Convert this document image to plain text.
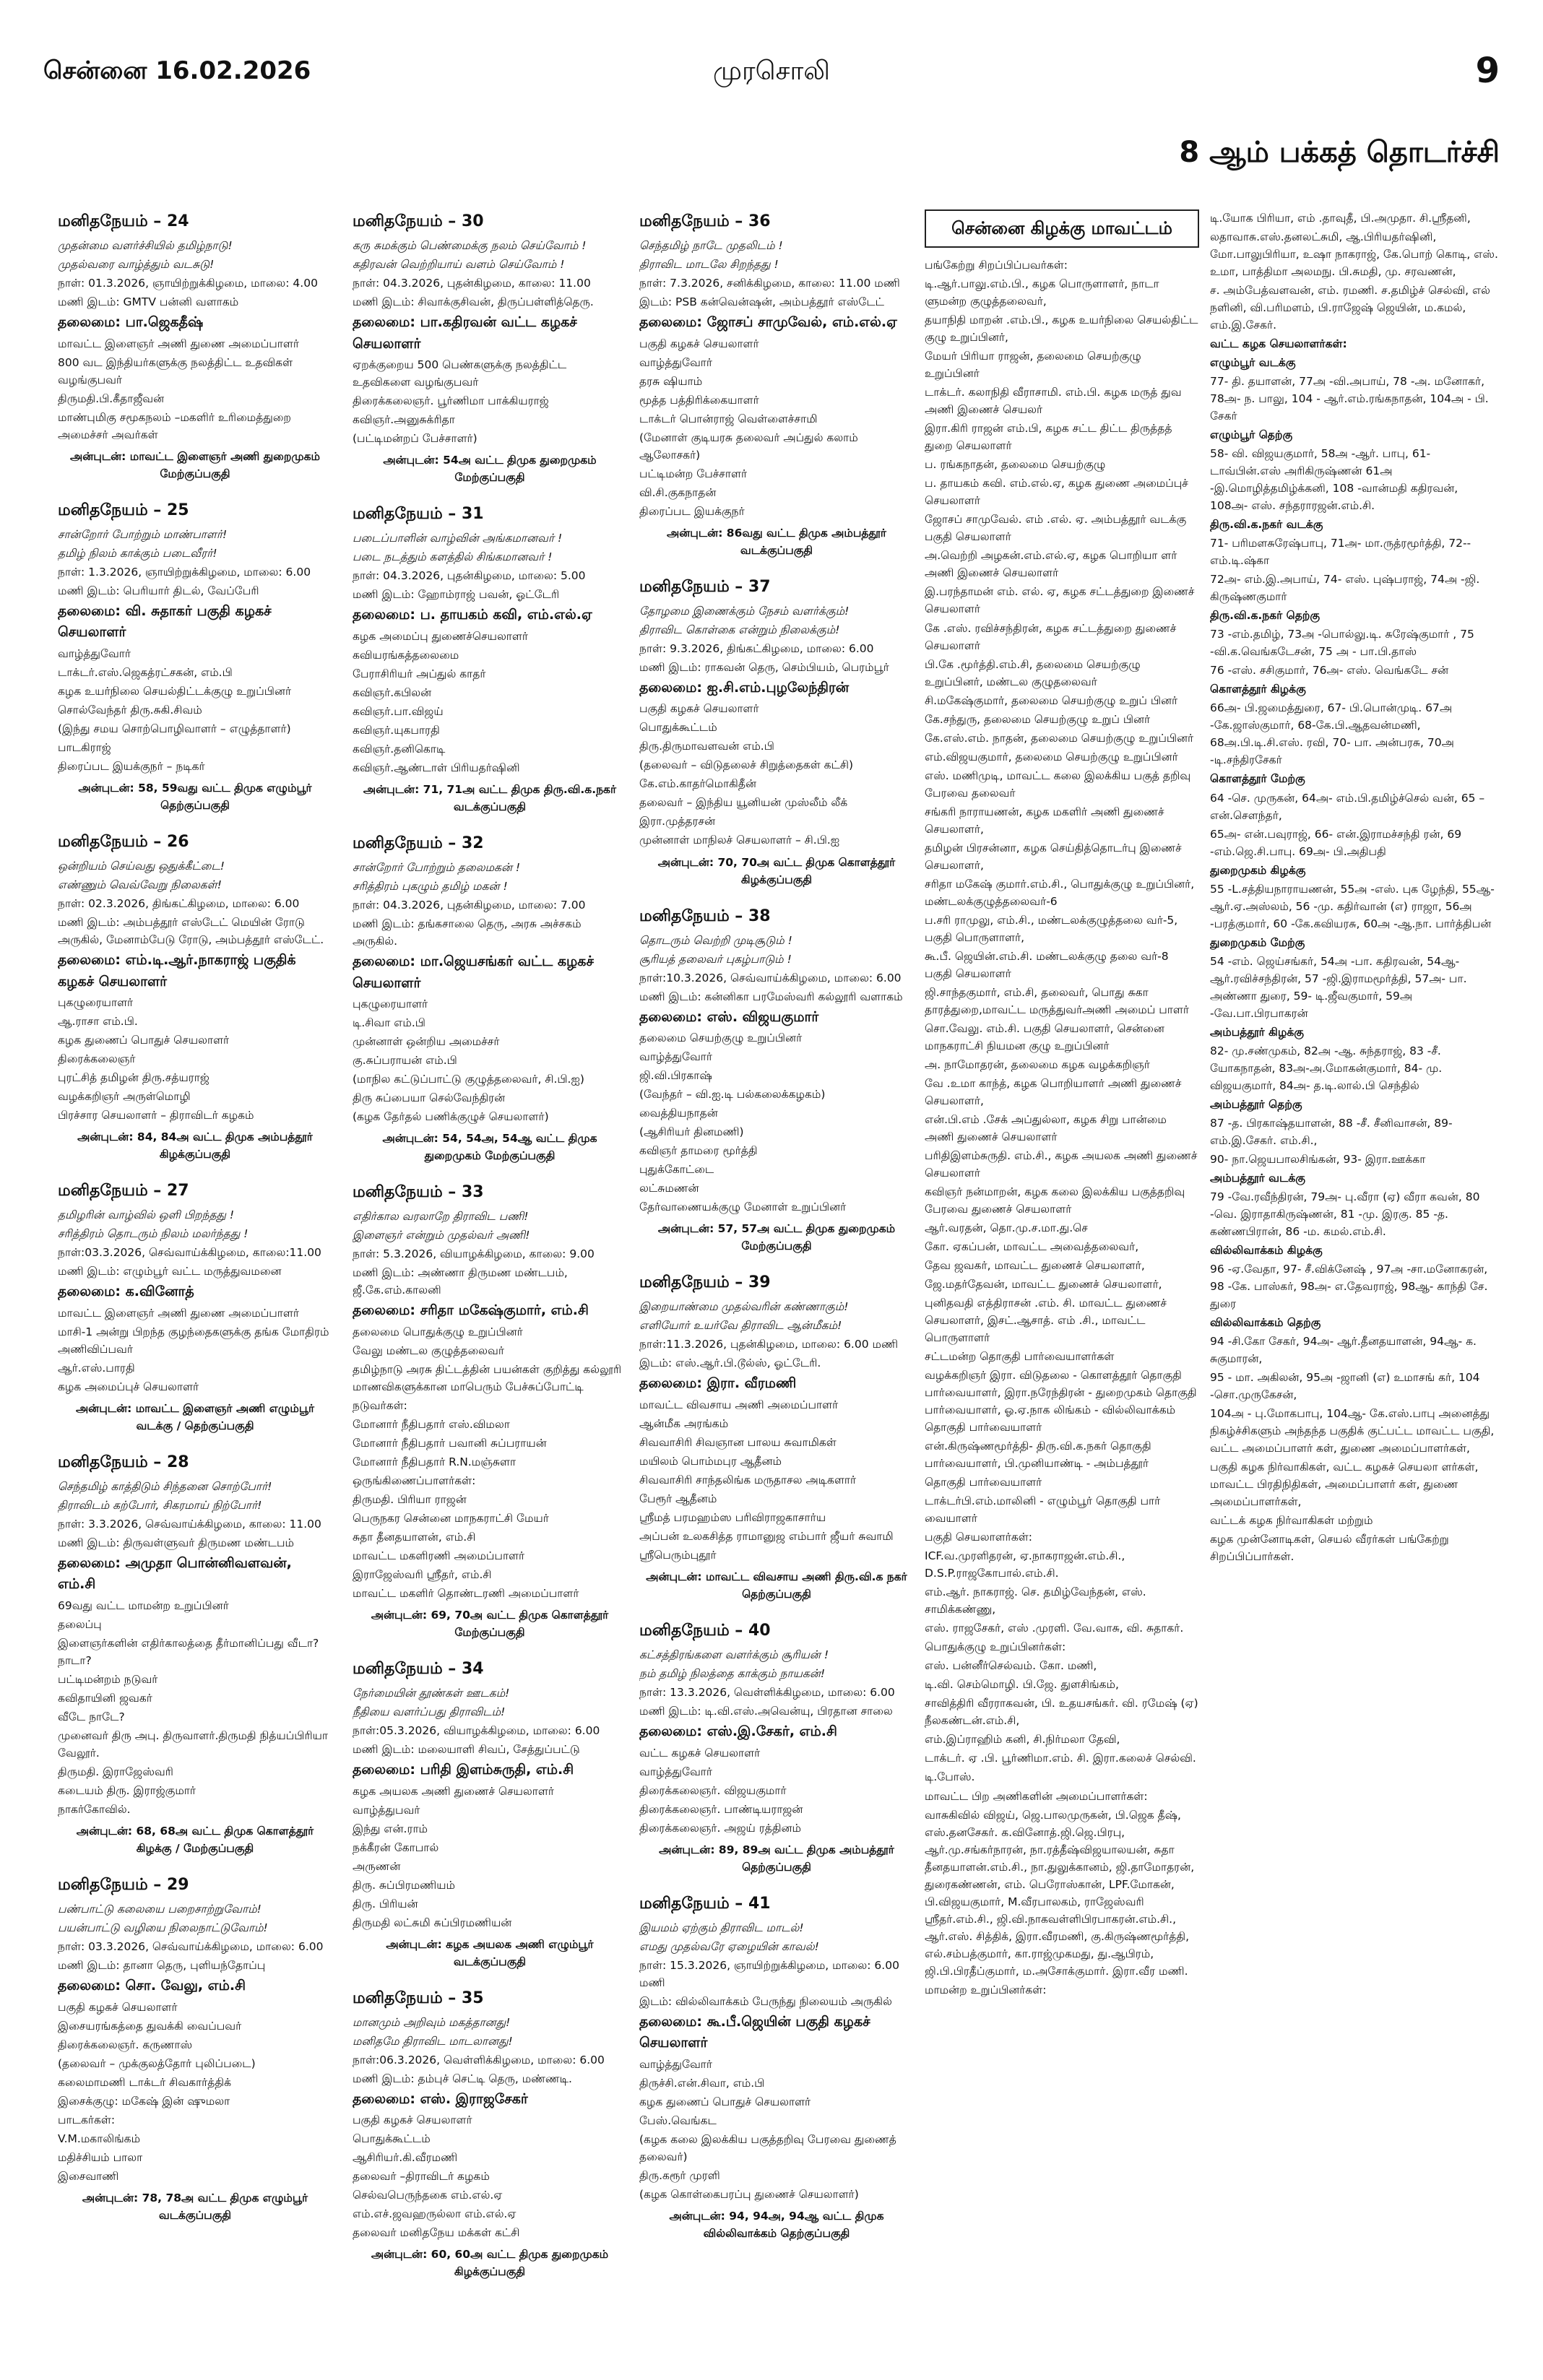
சென்னை 16.02.2026	முரசொலி	9
8 ஆம் பக்கத் தொடர்ச்சி
மனிதநேயம் – 24
முதன்மை வளர்ச்சியில் தமிழ்நாடு!
முதல்வரை வாழ்த்தும் வடசுடு!
நாள்: 01.3.2026, ஞாயிற்றுக்கிழமை, மாலை: 4.00
மணி இடம்: GMTV பன்னி வளாகம்
தலைமை: பா.ஜெகதீஷ்
மாவட்ட இளைஞர் அணி துணை அமைப்பாளர்
800 வட இந்தியர்களுக்கு நலத்திட்ட உதவிகள் வழங்குபவர்
திருமதி.பி.கீதாஜீவன்
மாண்புமிகு சமூகநலம் –மகளிர் உரிமைத்துறை அமைச்சர் அவர்கள்
அன்புடன்: மாவட்ட இளைஞர் அணி துறைமுகம் மேற்குப்பகுதி
மனிதநேயம் – 25
சான்றோர் போற்றும் மாண்பாளர்!
தமிழ் நிலம் காக்கும் படைவீரர்!
நாள்: 1.3.2026, ஞாயிற்றுக்கிழமை, மாலை: 6.00
மணி இடம்: பெரியார் திடல், வேப்பேரி
தலைமை: வி. சுதாகர் பகுதி கழகச் செயலாளர்
வாழ்த்துவோர்
டாக்டர்.எஸ்.ஜெகத்ரட்சகன், எம்.பி
கழக உயர்நிலை செயல்திட்டக்குழு உறுப்பினர்
சொல்வேந்தர் திரு.சுகி.சிவம்
(இந்து சமய சொற்பொழிவாளர் – எழுத்தாளர்)
பாடகிராஜ்
திரைப்பட இயக்குநர் – நடிகர்
அன்புடன்: 58, 59வது வட்ட திமுக எழும்பூர் தெற்குப்பகுதி
மனிதநேயம் – 26
ஒன்றியம் செய்வது ஒதுக்கீட்டை!
எண்ணும் வெவ்வேறு நிலைகள்!
நாள்: 02.3.2026, திங்கட்கிழமை, மாலை: 6.00
மணி இடம்: அம்பத்தூர் எஸ்டேட் மெயின் ரோடு அருகில், மேனாம்பேடு ரோடு, அம்பத்தூர் எஸ்டேட்.
தலைமை: எம்.டி.ஆர்.நாகராஜ் பகுதிக் கழகச் செயலாளர்
புகழுரையாளர்
ஆ.ராசா எம்.பி.
கழக துணைப் பொதுச் செயலாளர்
திரைக்கலைஞர்
புரட்சித் தமிழன் திரு.சத்யராஜ்
வழக்கறிஞர் அருள்மொழி
பிரச்சார செயலாளர் – திராவிடர் கழகம்
அன்புடன்: 84, 84அ வட்ட திமுக அம்பத்தூர் கிழக்குப்பகுதி
மனிதநேயம் – 27
தமிழரின் வாழ்வில் ஒளி பிறந்தது !
சரித்திரம் தொடரும் நிலம் மலர்ந்தது !
நாள்:03.3.2026, செவ்வாய்க்கிழமை, காலை:11.00
மணி இடம்: எழும்பூர் வட்ட மருத்துவமனை
தலைமை: க.வினோத்
மாவட்ட இளைஞர் அணி துணை அமைப்பாளர்
மாசி-1 அன்று பிறந்த குழந்தைகளுக்கு தங்க மோதிரம் அணிவிப்பவர்
ஆர்.எஸ்.பாரதி
கழக அமைப்புச் செயலாளர்
அன்புடன்: மாவட்ட இளைஞர் அணி எழும்பூர் வடக்கு / தெற்குப்பகுதி
மனிதநேயம் – 28
செந்தமிழ் காத்திடும் சிந்தனை சொற்போர்!
திராவிடம் கற்போர், சிகரமாய் நிற்போர்!
நாள்: 3.3.2026, செவ்வாய்க்கிழமை, காலை: 11.00
மணி இடம்: திருவள்ளுவர் திருமண மண்டபம்
தலைமை: அமுதா பொன்னிவளவன், எம்.சி
69வது வட்ட மாமன்ற உறுப்பினர்
தலைப்பு
இளைஞர்களின் எதிர்காலத்தை தீர்மானிப்பது வீடா? நாடா?
பட்டிமன்றம் நடுவர்
கவிதாயினி ஜவகர்
வீடே நாடே?
முனைவர் திரு அபு. திருவாளர்.திருமதி நித்யப்பிரியா வேலூர்.
திருமதி. இராஜேஸ்வரி
கடையம் திரு. இராஜ்குமார்
நாகர்கோவில்.
அன்புடன்: 68, 68அ வட்ட திமுக கொளத்தூர் கிழக்கு / மேற்குப்பகுதி
மனிதநேயம் – 29
பண்பாட்டு கலையை பறைசாற்றுவோம்!
பயன்பாட்டு வழியை நிலைநாட்டுவோம்!
நாள்: 03.3.2026, செவ்வாய்க்கிழமை, மாலை: 6.00
மணி இடம்: தானா தெரு, புளியந்தோப்பு
தலைமை: சொ. வேலு, எம்.சி
பகுதி கழகச் செயலாளர்
இசையரங்கத்தை துவக்கி வைப்பவர்
திரைக்கலைஞர். கருணாஸ்
(தலைவர் – முக்குலத்தோர் புலிப்படை)
கலைமாமணி டாக்டர் சிவகார்த்திக்
இசைக்குழு: மகேஷ் இன் ஷுமலா
பாடகர்கள்:
V.M.மகாலிங்கம்
மதிச்சியம் பாலா
இசைவாணி
அன்புடன்: 78, 78அ வட்ட திமுக எழும்பூர் வடக்குப்பகுதி
மனிதநேயம் – 30
கரு சுமக்கும் பெண்மைக்கு நலம் செய்வோம் !
கதிரவன் வெற்றியாய் வளம் செய்வோம் !
நாள்: 04.3.2026, புதன்கிழமை, காலை: 11.00
மணி இடம்: சிவாக்குசிவன், திருப்பள்ளித்தெரு.
தலைமை: பா.கதிரவன் வட்ட கழகச் செயலாளர்
ஏறக்குறைய 500 பெண்களுக்கு நலத்திட்ட உதவிகளை வழங்குபவர்
திரைக்கலைஞர். பூர்ணிமா பாக்கியராஜ்
கவிஞர்.அனுசுக்ரிதா
(பட்டிமன்றப் பேச்சாளர்)
அன்புடன்: 54அ வட்ட திமுக துறைமுகம் மேற்குப்பகுதி
மனிதநேயம் – 31
படைப்பாளின் வாழ்வின் அங்கமானவர் !
படை நடத்தும் களத்தில் சிங்கமானவர் !
நாள்: 04.3.2026, புதன்கிழமை, மாலை: 5.00
மணி இடம்: ஹோம்ராஜ் பவன், ஓட்டேரி
தலைமை: ப. தாயகம் கவி, எம்.எல்.ஏ
கழக அமைப்பு துணைச்செயலாளர்
கவியரங்கத்தலைமை
பேராசிரியர் அப்துல் காதர்
கவிஞர்.கபிலன்
கவிஞர்.பா.விஜய்
கவிஞர்.யுகபாரதி
கவிஞர்.தனிகொடி
கவிஞர்.ஆண்டாள் பிரியதர்ஷினி
அன்புடன்: 71, 71அ வட்ட திமுக திரு.வி.க.நகர் வடக்குப்பகுதி
மனிதநேயம் – 32
சான்றோர் போற்றும் தலைமகன் !
சரித்திரம் புகழும் தமிழ் மகன் !
நாள்: 04.3.2026, புதன்கிழமை, மாலை: 7.00
மணி இடம்: தங்கசாலை தெரு, அரசு அச்சகம் அருகில்.
தலைமை: மா.ஜெயசங்கர் வட்ட கழகச் செயலாளர்
புகழுரையாளர்
டி.சிவா எம்.பி
முன்னாள் ஒன்றிய அமைச்சர்
கு.சுப்பராயன் எம்.பி
(மாநில கட்டுப்பாட்டு குழுத்தலைவர், சி.பி.ஐ)
திரு சுப்பையா செல்வேந்திரன்
(கழக தேர்தல் பணிக்குழுச் செயலாளர்)
அன்புடன்: 54, 54அ, 54ஆ வட்ட திமுக துறைமுகம் மேற்குப்பகுதி
மனிதநேயம் – 33
எதிர்கால வரலாறே திராவிட பணி!
இளைஞர் என்றும் முதல்வர் அணி!
நாள்: 5.3.2026, வியாழக்கிழமை, காலை: 9.00
மணி இடம்: அண்ணா திருமண மண்டபம், ஜீ.கே.எம்.காலனி
தலைமை: சரிதா மகேஷ்குமார், எம்.சி
தலைமை பொதுக்குழு உறுப்பினர்
வேலு மண்டல குழுத்தலைவர்
தமிழ்நாடு அரசு திட்டத்தின் பயன்கள் குறித்து கல்லூரி மாணவிகளுக்கான மாபெரும் பேச்சுப்போட்டி
நடுவர்கள்:
மோனார் நீதிபதார் எஸ்.விமலா
மோனார் நீதிபதார் பவானி சுப்பராயன்
மோனார் நீதிபதார் R.N.மஞ்சுளா
ஒருங்கிணைப்பாளர்கள்:
திருமதி. பிரியா ராஜன்
பெருநகர சென்னை மாநகராட்சி மேயர்
சுதா தீனதயாளன், எம்.சி
மாவட்ட மகளிரணி அமைப்பாளர்
இராஜேஸ்வரி ஸ்ரீதர், எம்.சி
மாவட்ட மகளிர் தொண்டரணி அமைப்பாளர்
அன்புடன்: 69, 70அ வட்ட திமுக கொளத்தூர் மேற்குப்பகுதி
மனிதநேயம் – 34
நேர்மையின் தூண்கள் ஊடகம்!
நீதியை வளர்ப்பது திராவிடம்!
நாள்:05.3.2026, வியாழக்கிழமை, மாலை: 6.00
மணி இடம்: மலையாளி சிவப், சேத்துப்பட்டு
தலைமை: பரிதி இளம்சுருதி, எம்.சி
கழக அயலக அணி துணைச் செயலாளர்
வாழ்த்துபவர்
இந்து என்.ராம்
நக்கீரன் கோபால்
அருணன்
திரு. சுப்பிரமணியம்
திரு. பிரியன்
திருமதி லட்சுமி சுப்பிரமணியன்
அன்புடன்: கழக அயலக அணி எழும்பூர் வடக்குப்பகுதி
மனிதநேயம் – 35
மானமும் அறிவும் மகத்தானது!
மனிதமே திராவிட மாடலானது!
நாள்:06.3.2026, வெள்ளிக்கிழமை, மாலை: 6.00
மணி இடம்: தம்புச் செட்டி தெரு, மண்ணடி.
தலைமை: எஸ். இராஜசேகர்
பகுதி கழகச் செயலாளர்
பொதுக்கூட்டம்
ஆசிரியர்.கி.வீரமணி
தலைவர் –திராவிடர் கழகம்
செல்வபெருந்தகை எம்.எல்.ஏ
எம்.எச்.ஜவஹருல்லா எம்.எல்.ஏ
தலைவர் மனிதநேய மக்கள் கட்சி
அன்புடன்: 60, 60அ வட்ட திமுக துறைமுகம் கிழக்குப்பகுதி
மனிதநேயம் – 36
செந்தமிழ் நாடே முதலிடம் !
திராவிட மாடலே சிறந்தது !
நாள்: 7.3.2026, சனிக்கிழமை, காலை: 11.00 மணி
இடம்: PSB கன்வென்ஷன், அம்பத்தூர் எஸ்டேட்
தலைமை: ஜோசப் சாமுவேல், எம்.எல்.ஏ
பகுதி கழகச் செயலாளர்
வாழ்த்துவோர்
தரசு ஷியாம்
மூத்த பத்திரிக்கையாளர்
டாக்டர் பொன்ராஜ் வெள்ளைச்சாமி
(மேனாள் குடியரசு தலைவர் அப்துல் கலாம் ஆலோசகர்)
பட்டிமன்ற பேச்சாளர்
வி.சி.குகநாதன்
திரைப்பட இயக்குநர்
அன்புடன்: 86வது வட்ட திமுக அம்பத்தூர் வடக்குப்பகுதி
மனிதநேயம் – 37
தோழமை இணைக்கும் நேசம் வளர்க்கும்!
திராவிட கொள்கை என்றும் நிலைக்கும்!
நாள்: 9.3.2026, திங்கட்கிழமை, மாலை: 6.00
மணி இடம்: ராகவன் தெரு, செம்பியம், பெரம்பூர்
தலைமை: ஐ.சி.எம்.புழலேந்திரன்
பகுதி கழகச் செயலாளர்
பொதுக்கூட்டம்
திரு.திருமாவளவன் எம்.பி
(தலைவர் – விடுதலைச் சிறுத்தைகள் கட்சி)
கே.எம்.காதர்மொகிதீன்
தலைவர் – இந்திய யூனியன் முஸ்லீம் லீக்
இரா.முத்தரசன்
முன்னாள் மாநிலச் செயலாளர் – சி.பி.ஐ
அன்புடன்: 70, 70அ வட்ட திமுக கொளத்தூர் கிழக்குப்பகுதி
மனிதநேயம் – 38
தொடரும் வெற்றி முடிசூடும் !
சூரியத் தலைவர் புகழ்பாடும் !
நாள்:10.3.2026, செவ்வாய்க்கிழமை, மாலை: 6.00
மணி இடம்: கன்னிகா பரமேஸ்வரி கல்லூரி வளாகம்
தலைமை: எஸ். விஜயகுமார்
தலைமை செயற்குழு உறுப்பினர்
வாழ்த்துவோர்
ஜி.வி.பிரகாஷ்
(வேந்தர் – வி.ஐ.டி பல்கலைக்கழகம்)
வைத்தியநாதன்
(ஆசிரியர் தினமணி)
கவிஞர் தாமரை மூர்த்தி
புதுக்கோட்டை
லட்சுமணன்
தேர்வாணையக்குழு மேனாள் உறுப்பினர்
அன்புடன்: 57, 57அ வட்ட திமுக துறைமுகம் மேற்குப்பகுதி
மனிதநேயம் – 39
இறையாண்மை முதல்வரின் கண்ணாகும்!
எளியோர் உயர்வே திராவிட ஆன்மீகம்!
நாள்:11.3.2026, புதன்கிழமை, மாலை: 6.00 மணி
இடம்: எஸ்.ஆர்.பி.டூல்ஸ், ஓட்டேரி.
தலைமை: இரா. வீரமணி
மாவட்ட விவசாய அணி அமைப்பாளர்
ஆன்மீக அரங்கம்
சிவவாசிரி சிவஞான பாலய சுவாமிகள்
மயிலம் பொம்மபுர ஆதீனம்
சிவவாசிரி சாந்தலிங்க மருதாசல அடிகளார்
பேரூர் ஆதீனம்
ஸ்ரீமத் பரமஹம்ஸ பரிவிராஜகாசார்ய
அப்பன் உலகசித்த ராமானுஜ எம்பார் ஜீயர் சுவாமி
ஸ்ரீபெரும்புதூர்
அன்புடன்: மாவட்ட விவசாய அணி திரு.வி.க நகர் தெற்குப்பகுதி
மனிதநேயம் – 40
கட்சத்திரங்களை வளர்க்கும் சூரியன் !
நம் தமிழ் நிலத்தை காக்கும் நாயகன்!
நாள்: 13.3.2026, வெள்ளிக்கிழமை, மாலை: 6.00
மணி இடம்: டி.வி.எஸ்.அவென்யு, பிரதான சாலை
தலைமை: எஸ்.இ.சேகர், எம்.சி
வட்ட கழகச் செயலாளர்
வாழ்த்துவோர்
திரைக்கலைஞர். விஜயகுமார்
திரைக்கலைஞர். பாண்டியராஜன்
திரைக்கலைஞர். அஜய் ரத்தினம்
அன்புடன்: 89, 89அ வட்ட திமுக அம்பத்தூர் தெற்குப்பகுதி
மனிதநேயம் – 41
இயமம் ஏற்கும் திராவிட மாடல்!
எமது முதல்வரே ஏழையின் காவல்!
நாள்: 15.3.2026, ஞாயிற்றுக்கிழமை, மாலை: 6.00 மணி
இடம்: வில்லிவாக்கம் பேருந்து நிலையம் அருகில்
தலைமை: கூ.பீ.ஜெயின் பகுதி கழகச் செயலாளர்
வாழ்த்துவோர்
திருச்சி.என்.சிவா, எம்.பி
கழக துணைப் பொதுச் செயலாளர்
பேஸ்.வெங்கட
(கழக கலை இலக்கிய பகுத்தறிவு பேரவை துணைத் தலைவர்)
திரு.கரூர் முரளி
(கழக கொள்கைபரப்பு துணைச் செயலாளர்)
அன்புடன்: 94, 94அ, 94ஆ வட்ட திமுக வில்லிவாக்கம் தெற்குப்பகுதி
சென்னை கிழக்கு மாவட்டம்
பங்கேற்று சிறப்பிப்பவர்கள்:
டி.ஆர்.பாலு.எம்.பி., கழக பொருளாளர், நாடா ளுமன்ற குழுத்தலைவர்,
தயாநிதி மாறன் .எம்.பி., கழக உயர்நிலை செயல்திட்ட குழு உறுப்பினர்,
மேயர் பிரியா ராஜன், தலைமை செயற்குழு உறுப்பினர்
டாக்டர். கலாநிதி வீராசாமி. எம்.பி. கழக மருத் துவ அணி இணைச் செயலர்
இரா.கிரி ராஜன் எம்.பி, கழக சட்ட திட்ட திருத்தத் துறை செயலாளர்
ப. ரங்கநாதன், தலைமை செயற்குழு
ப. தாயகம் கவி. எம்.எல்.ஏ, கழக துணை அமைப்புச் செயலாளர்
ஜோசப் சாமுவேல். எம் .எல். ஏ. அம்பத்தூர் வடக்கு பகுதி செயலாளர்
அ.வெற்றி அழகன்.எம்.எல்.ஏ, கழக பொறியா ளர் அணி இணைச் செயலாளர்
இ.பரந்தாமன் எம். எல். ஏ, கழக சட்டத்துறை இணைச் செயலாளர்
கே .எஸ். ரவிச்சந்திரன், கழக சட்டத்துறை துணைச் செயலாளர்
பி.கே .மூர்த்தி.எம்.சி, தலைமை செயற்குழு உறுப்பினர், மண்டல குழுதலைவர்
சி.மகேஷ்குமார், தலைமை செயற்குழு உறுப் பினர்
கே.சந்துரு, தலைமை செயற்குழு உறுப் பினர்
கே.எஸ்.எம். நாதன், தலைமை செயற்குழு உறுப்பினர்
எம்.விஜயகுமார், தலைமை செயற்குழு உறுப்பினர்
எஸ். மணிமுடி, மாவட்ட கலை இலக்கிய பகுத் தறிவு பேரவை தலைவர்
சங்கரி நாராயணன், கழக மகளிர் அணி துணைச் செயலாளர்,
தமிழன் பிரசன்னா, கழக செய்தித்தொடர்பு இணைச் செயலாளர்,
சரிதா மகேஷ் குமார்.எம்.சி., பொதுக்குழு உறுப்பினர், மண்டலக்குழுத்தலைவர்-6
ப.சரி ராமுலு, எம்.சி., மண்டலக்குழுத்தலை வர்-5, பகுதி பொருளாளர்,
கூ.பீ. ஜெயின்.எம்.சி. மண்டலக்குழு தலை வர்-8 பகுதி செயலாளர்
ஜி.சாந்தகுமார், எம்.சி, தலைவர், பொது சுகா தாரத்துறை,மாவட்ட மருத்துவர்அணி அமைப் பாளர்
சொ.வேலு. எம்.சி. பகுதி செயலாளர், சென்னை மாநகராட்சி நியமன குழு உறுப்பினர்
அ. நாமோதரன், தலைமை கழக வழக்கறிஞர்
வே .உமா காந்த், கழக பொறியாளர் அணி துணைச் செயலாளர்,
என்.பி.எம் .சேக் அப்துல்லா, கழக சிறு பான்மை அணி துணைச் செயலாளர்
பரிதிஇளம்சுருதி. எம்.சி., கழக அயலக அணி துணைச் செயலாளர்
கவிஞர் நன்மாறன், கழக கலை இலக்கிய பகுத்தறிவு பேரவை துணைச் செயலாளர்
ஆர்.வரதன், தொ.மு.ச.மா.து.செ
கோ. ஏகப்பன், மாவட்ட அவைத்தலைவர்,
தேவ ஜவகர், மாவட்ட துணைச் செயலாளர்,
ஜே.மதர்தேவன், மாவட்ட துணைச் செயலாளர்,
புனிதவதி எத்திராசன் .எம். சி. மாவட்ட துணைச் செயலாளர், இசட்.ஆசாத். எம் .சி., மாவட்ட பொருளாளர்
சட்டமன்ற தொகுதி பார்வையாளர்கள்
வழக்கறிஞர் இரா. விடுதலை - கொளத்தூர் தொகுதி பார்வையாளர், இரா.நரேந்திரன் - துறைமுகம் தொகுதி பார்வையாளர், ஓ.ஏ.நாக லிங்கம் - வில்லிவாக்கம் தொகுதி பார்வையாளர்
என்.கிருஷ்ணமூர்த்தி- திரு.வி.க.நகர் தொகுதி பார்வையாளர், பி.முனியாண்டி - அம்பத்தூர்
தொகுதி பார்வையாளர்
டாக்டர்பி.எம்.மாலினி - எழும்பூர் தொகுதி பார் வையாளர்
பகுதி செயலாளர்கள்:
ICF.வ.முரளிதரன், ஏ.நாகராஜன்.எம்.சி., D.S.P.ராஜகோபால்.எம்.சி.
எம்.ஆர். நாகராஜ். செ. தமிழ்வேந்தன், எஸ். சாமிக்கண்ணு,
எஸ். ராஜசேகர், எஸ் .முரளி. வே.வாசு, வி. சுதாகர்.
பொதுக்குழு உறுப்பினர்கள்:
எஸ். பன்னீர்செல்வம். கோ. மணி,
டி.வி. செம்மொழி. பி.ஜே. துளசிங்கம்,
சாவித்திரி வீரராகவன், பி. உதயசங்கர். வி. ரமேஷ் (ஏ) நீலகண்டன்.எம்.சி,
எம்.இப்ராஹிம் கனி, சி.நிர்மலா தேவி,
டாக்டர். ஏ .பி. பூர்ணிமா.எம். சி. இரா.கலைச் செல்வி.
டி.போஸ்.
மாவட்ட பிற அணிகளின் அமைப்பாளர்கள்:
வாசுகிவில் விஜய், ஜெ.பாலமுருகன், பி.ஜெக தீஷ், எஸ்.தனசேகர். க.வினோத்.ஜி.ஜெ.பிரபு, ஆர்.மு.சங்கர்நாரன், நா.ரத்தீஷ்விஜயாலயன், சுதா தீனதயாளன்.எம்.சி., நா.துலுக்கானம், ஜி.தாமோதரன், துரைகண்ணன், எம். பெரோஸ்கான், LPF.மோகன், பி.விஜயகுமார், M.வீரபாலகம், ராஜேஸ்வரி ஸ்ரீதர்.எம்.சி., ஜி.வி.நாகவள்ளிபிரபாகரன்.எம்.சி., ஆர்.எஸ். சித்திக், இரா.வீரமணி, கு.கிருஷ்ணமூர்த்தி, எல்.சம்பத்குமார், கா.ராஜ்முகமது, து.ஆபிரம், ஜி.பி.பிரதீப்குமார், ம.அசோக்குமார். இரா.வீர மணி.
மாமன்ற உறுப்பினர்கள்:
டி.யோக பிரியா, எம் .தாவுதீ, பி.அமுதா. சி.ஸ்ரீதனி,
லதாவாசு.எஸ்.தனலட்சுமி, ஆ.பிரியதர்ஷினி, மோ.பாலுபிரியா, உஷா நாகராஜ், கே.பொற் கொடி, எஸ். உமா, பாத்திமா அலமநு. பி.சுமதி, மு. சரவணன்,
ச. அம்பேத்வளவன், எம். ரமணி. ச.தமிழ்ச் செல்வி, எல் நளினி, வி.பரிமளம், பி.ராஜேஷ் ஜெயின், ம.கமல், எம்.இ.சேகர்.
வட்ட கழக செயலாளர்கள்:
எழும்பூர் வடக்கு
77- தி. தயாளன், 77அ -வி.அபாய், 78 -அ. மனோகர், 78அ- ந. பாலு, 104 - ஆர்.எம்.ரங்கநாதன், 104அ - பி. சேகர்
எழும்பூர் தெற்கு
58- வி. விஜயகுமார், 58அ -ஆர். பாபு, 61- டாவ்பின்.எஸ் அரிகிருஷ்ணன் 61அ -இ.மொழித்தமிழ்க்கனி, 108 -வான்மதி கதிரவன், 108அ- எஸ். சந்தராரஜன்.எம்.சி.
திரு.வி.க.நகர் வடக்கு
71- பரிமளசுரேஷ்பாபு, 71அ- மா.ருத்ரமூர்த்தி, 72-- எம்.டி.ஷ்கா
72அ- எம்.இ.அபாய், 74- எஸ். புஷ்பராஜ், 74அ -ஜி. கிருஷ்ணகுமார்
திரு.வி.க.நகர் தெற்கு
73 -எம்.தமிழ், 73அ -பொல்லு.டி. சுரேஷ்குமார் , 75 -வி.க.வெங்கடேசன், 75 அ - பா.பி.தாஸ்
76 -எஸ். சசிகுமார், 76அ- எஸ். வெங்கடே சன்
கொளத்தூர் கிழக்கு
66அ- பி.ஜமைத்துரை, 67- பி.பொன்முடி. 67அ -கே.ஜாஸ்குமார், 68-கே.பி.ஆதவன்மணி, 68அ.பி.டி.சி.எஸ். ரவி, 70- பா. அன்பரசு, 70அ -டி.சந்திரசேகர்
கொளத்தூர் மேற்கு
64 -செ. முருகன், 64அ- எம்.பி.தமிழ்ச்செல் வன், 65 –என்.சௌந்தர்,
65அ- என்.பவுராஜ், 66- என்.இராமச்சந்தி ரன், 69 -எம்.ஜெ.சி.பாபு. 69அ- பி.அதிபதி
துறைமுகம் கிழக்கு
55 -L.சத்தியநாராயணன், 55அ -எஸ். புக ழேந்தி, 55ஆ- ஆர்.ஏ.அஸ்லம், 56 -மு. கதிர்வான் (எ) ராஜா, 56அ -பரத்குமார், 60 -கே.கவியரசு, 60அ -ஆ.நா. பார்த்திபன்
துறைமுகம் மேற்கு
54 -எம். ஜெய்சங்கர், 54அ -பா. கதிரவன், 54ஆ- ஆர்.ரவிச்சந்திரன், 57 -ஜி.இராமமூர்த்தி, 57அ- பா. அண்ணா துரை, 59- டி.ஜீவகுமார், 59அ -வே.பா.பிரபாகரன்
அம்பத்தூர் கிழக்கு
82- மு.சண்முகம், 82அ -ஆ. சுந்தராஜ், 83 -சீ. யோகநாதன், 83அ-அ.மோகன்குமார், 84- மு. விஜயகுமார், 84அ- த.டி.லால்.பி செந்தில்
அம்பத்தூர் தெற்கு
87 -த. பிரகாஷ்தயாளன், 88 -சீ. சீனிவாசன், 89- எம்.இ.சேகர். எம்.சி.,
90- நா.ஜெயபாலசிங்கன், 93- இரா.ஊக்கா
அம்பத்தூர் வடக்கு
79 -வே.ரவீந்திரன், 79அ- பு.வீரா (ஏ) வீரா கவன், 80 -வெ. இராதாகிருஷ்ணன், 81 -மு. இரகு. 85 -த. கண்ணபிரான், 86 -ம. கமல்.எம்.சி.
வில்லிவாக்கம் கிழக்கு
96 -ஏ.வேதா, 97- சீ.விக்னேஷ் , 97அ -சா.மனோகரன், 98 -கே. பாஸ்கர், 98அ- எ.தேவராஜ், 98ஆ- காந்தி சே. துரை
வில்லிவாக்கம் தெற்கு
94 -சி.கோ சேகர், 94அ- ஆர்.தீனதயாளன், 94ஆ- க. சுகுமாரன்,
95 - மா. அகிலன், 95அ -ஜானி (எ) உமாசங் கர், 104 -சொ.முருகேசன்,
104அ - பு.மோகபாபு, 104ஆ- கே.எஸ்.பாபு அனைத்து நிகழ்ச்சிகளும் அந்தந்த பகுதிக் குட்பட்ட மாவட்ட பகுதி, வட்ட அமைப்பாளர் கள், துணை அமைப்பாளர்கள்,
பகுதி கழக நிர்வாகிகள், வட்ட கழகச் செயலா ளர்கள், மாவட்ட பிரதிநிதிகள், அமைப்பாளர் கள், துணை அமைப்பாளர்கள்,
வட்டக் கழக நிர்வாகிகள் மற்றும்
கழக முன்னோடிகள், செயல் வீரர்கள் பங்கேற்று சிறப்பிப்பார்கள்.
